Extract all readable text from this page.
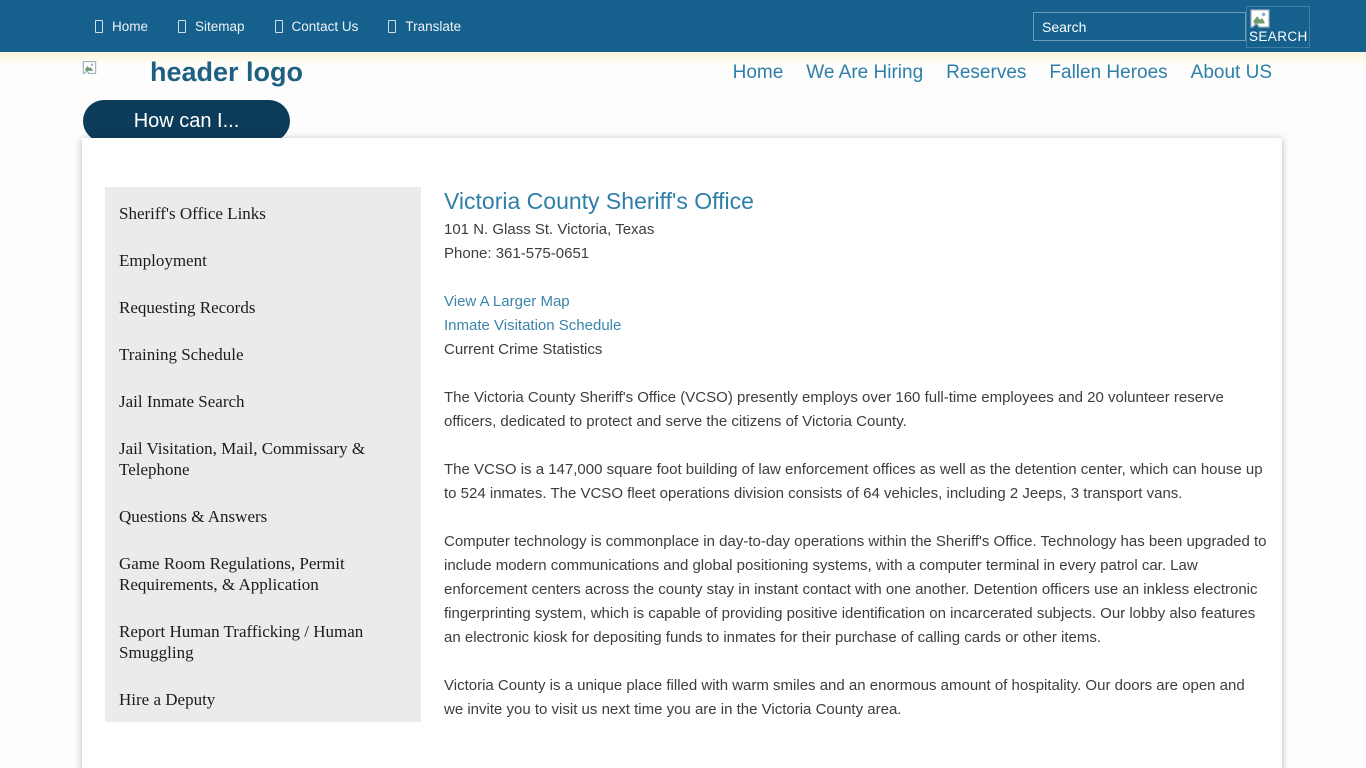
Home	Sitemap	Contact Us	Translate
Search
SEARCH
header logo	Home We Are Hiring Reserves Fallen Heroes About US
How can I...
Sheriff's Office Links
Employment
Requesting Records
Training Schedule
Jail Inmate Search
Jail Visitation, Mail, Commissary & Telephone
Questions & Answers
Game Room Regulations, Permit Requirements, & Application
Report Human Trafficking / Human Smuggling
Hire a Deputy
Victoria County Sheriff's Office
101 N. Glass St. Victoria, Texas
Phone: 361-575-0651
View A Larger Map
Inmate Visitation Schedule
Current Crime Statistics

The Victoria County Sheriff's Office (VCSO) presently employs over 160 full-time employees and 20 volunteer reserve officers, dedicated to protect and serve the citizens of Victoria County.

The VCSO is a 147,000 square foot building of law enforcement offices as well as the detention center, which can house up to 524 inmates. The VCSO fleet operations division consists of 64 vehicles, including 2 Jeeps, 3 transport vans.

Computer technology is commonplace in day-to-day operations within the Sheriff's Office. Technology has been upgraded to include modern communications and global positioning systems, with a computer terminal in every patrol car. Law enforcement centers across the county stay in instant contact with one another. Detention officers use an inkless electronic fingerprinting system, which is capable of providing positive identification on incarcerated subjects. Our lobby also features an electronic kiosk for depositing funds to inmates for their purchase of calling cards or other items.

Victoria County is a unique place filled with warm smiles and an enormous amount of hospitality. Our doors are open and we invite you to visit us next time you are in the Victoria County area.
